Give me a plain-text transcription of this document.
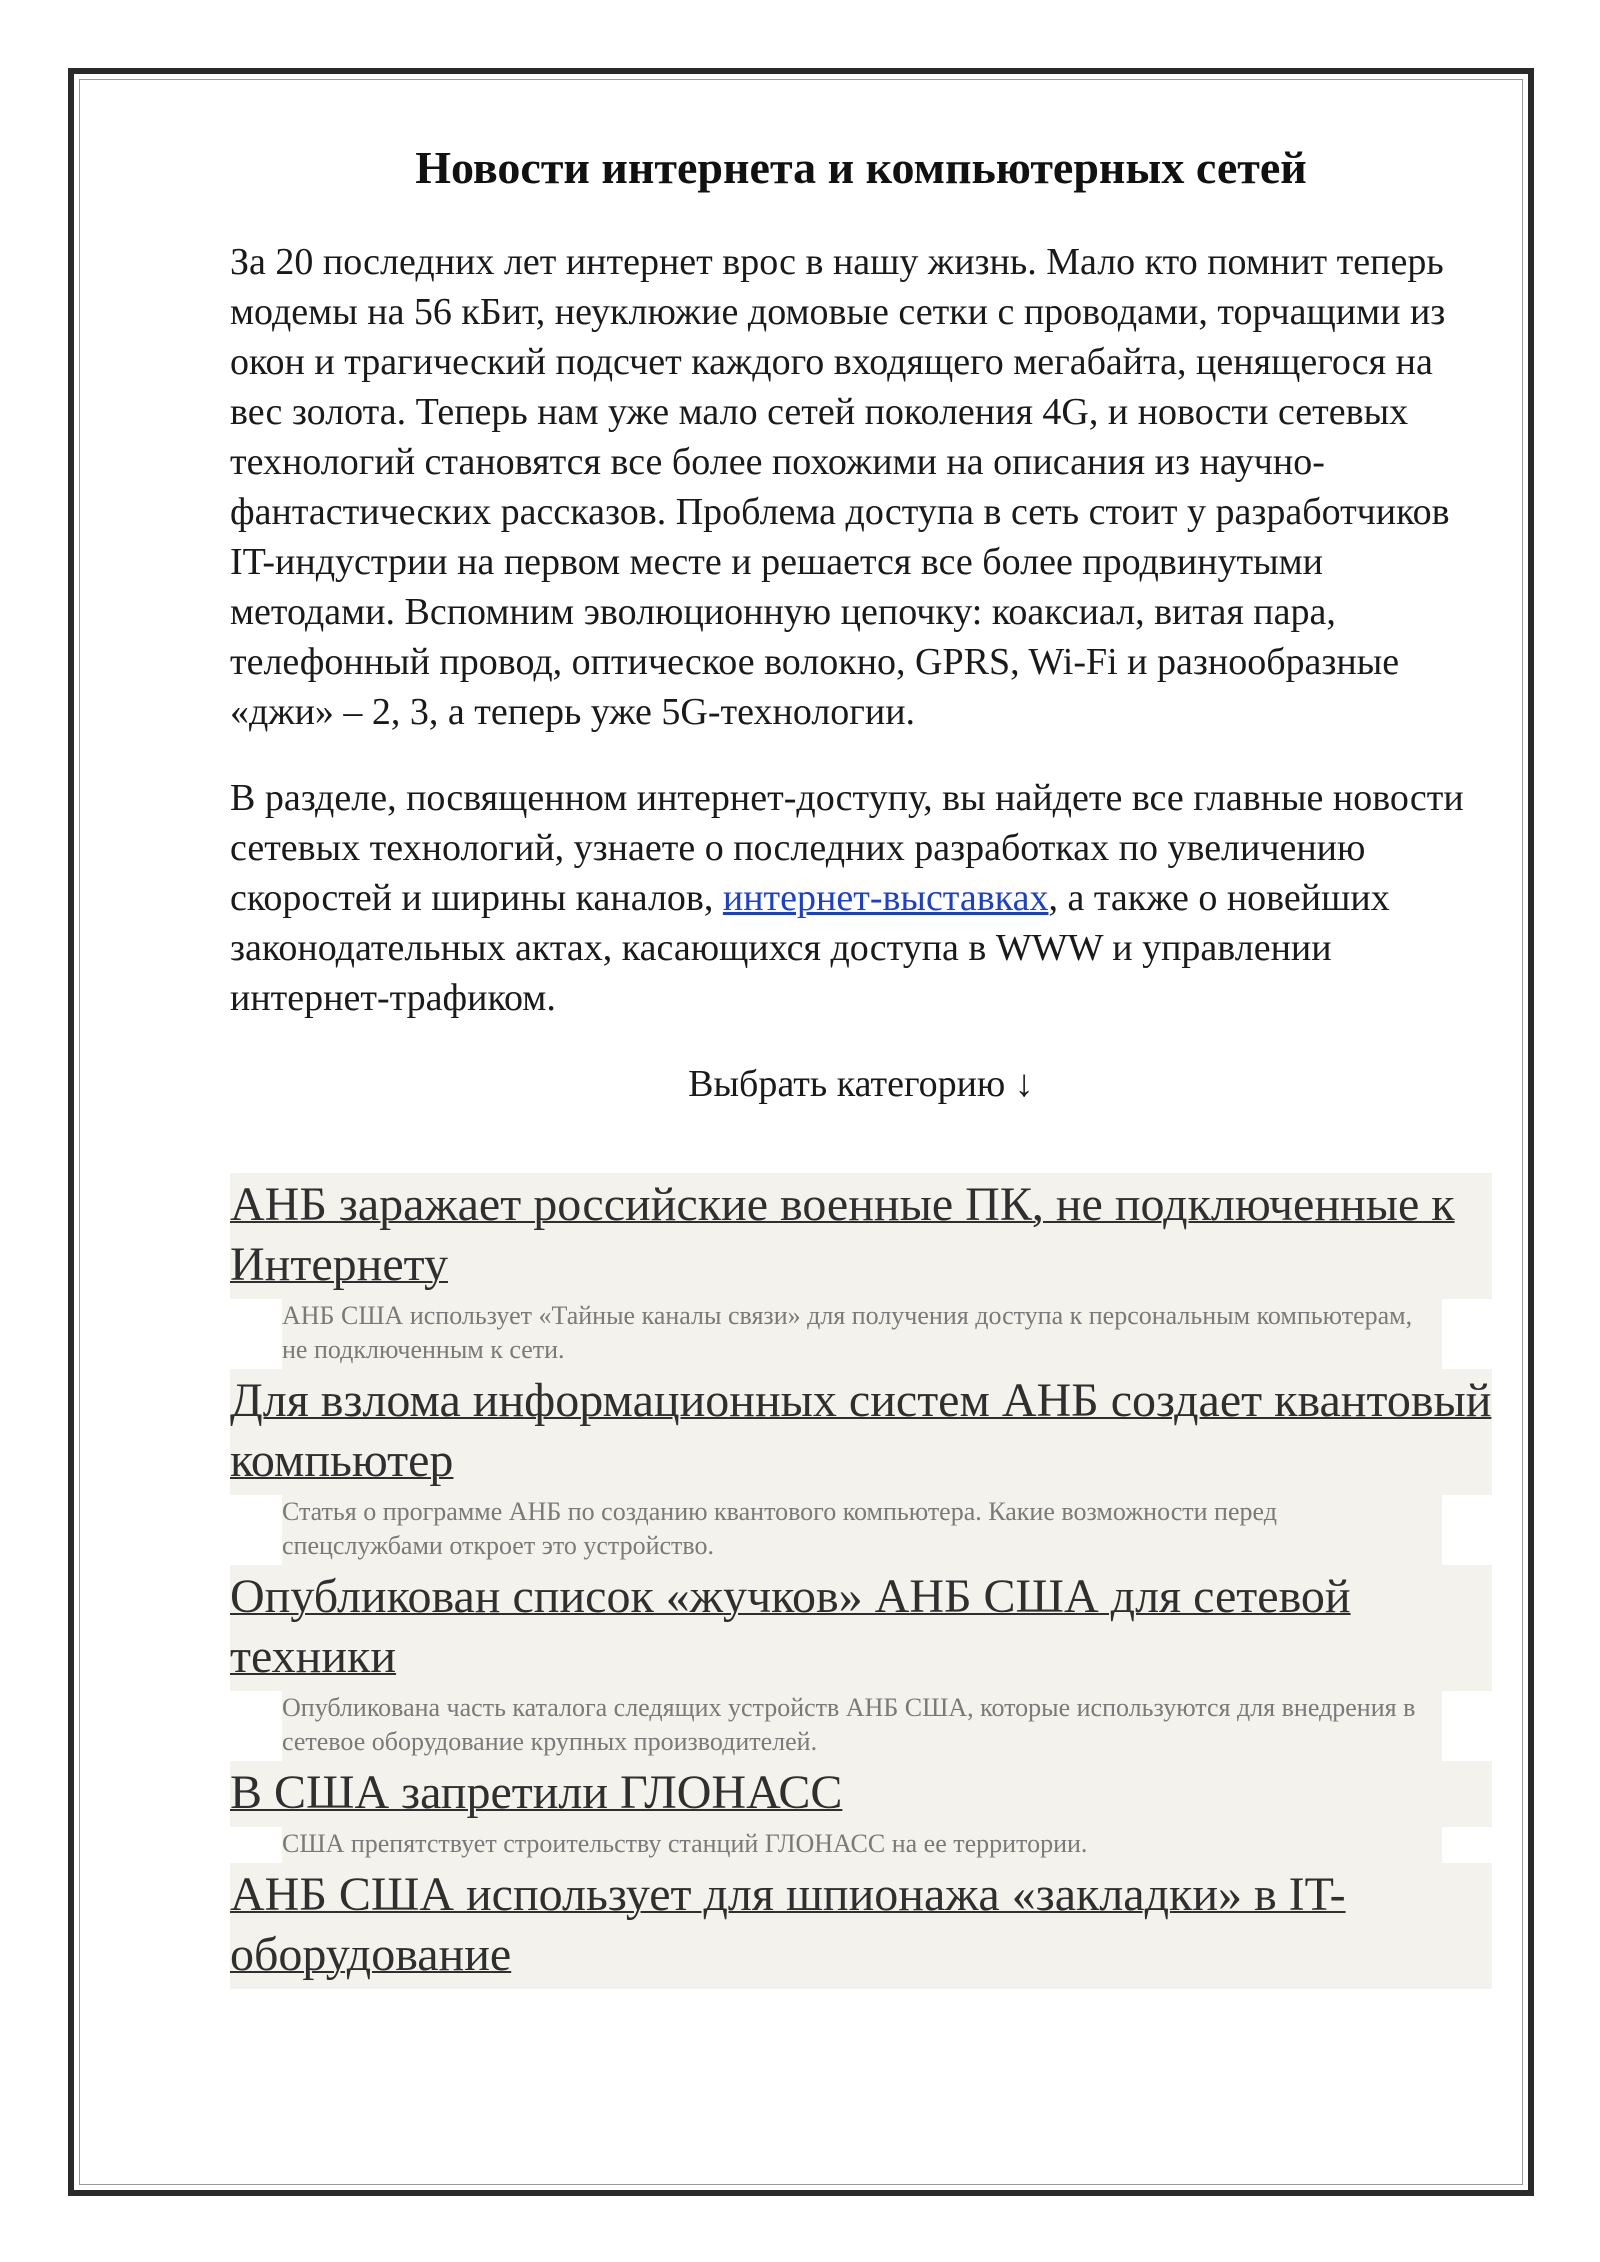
Новости интернета и компьютерных сетей

За 20 последних лет интернет врос в нашу жизнь. Мало кто помнит теперь модемы на 56 кБит, неуклюжие домовые сетки с проводами, торчащими из окон и трагический подсчет каждого входящего мегабайта, ценящегося на вес золота. Теперь нам уже мало сетей поколения 4G, и новости сетевых технологий становятся все более похожими на описания из научно-фантастических рассказов. Проблема доступа в сеть стоит у разработчиков IT-индустрии на первом месте и решается все более продвинутыми методами. Вспомним эволюционную цепочку: коаксиал, витая пара, телефонный провод, оптическое волокно, GPRS, Wi-Fi и разнообразные «джи» – 2, 3, а теперь уже 5G-технологии.

В разделе, посвященном интернет-доступу, вы найдете все главные новости сетевых технологий, узнаете о последних разработках по увеличению скоростей и ширины каналов, интернет-выставках, а также о новейших законодательных актах, касающихся доступа в WWW и управлении интернет-трафиком.

Выбрать категорию ↓
АНБ заражает российские военные ПК, не подключенные к Интернету
АНБ США использует «Тайные каналы связи» для получения доступа к персональным компьютерам, не подключенным к сети.
Для взлома информационных систем АНБ создает квантовый компьютер
Статья о программе АНБ по созданию квантового компьютера. Какие возможности перед спецслужбами откроет это устройство.
Опубликован список «жучков» АНБ США для сетевой техники
Опубликована часть каталога следящих устройств АНБ США, которые используются для внедрения в сетевое оборудование крупных производителей.
В США запретили ГЛОНАСС
США препятствует строительству станций ГЛОНАСС на ее территории.
АНБ США использует для шпионажа «закладки» в IT-оборудование
